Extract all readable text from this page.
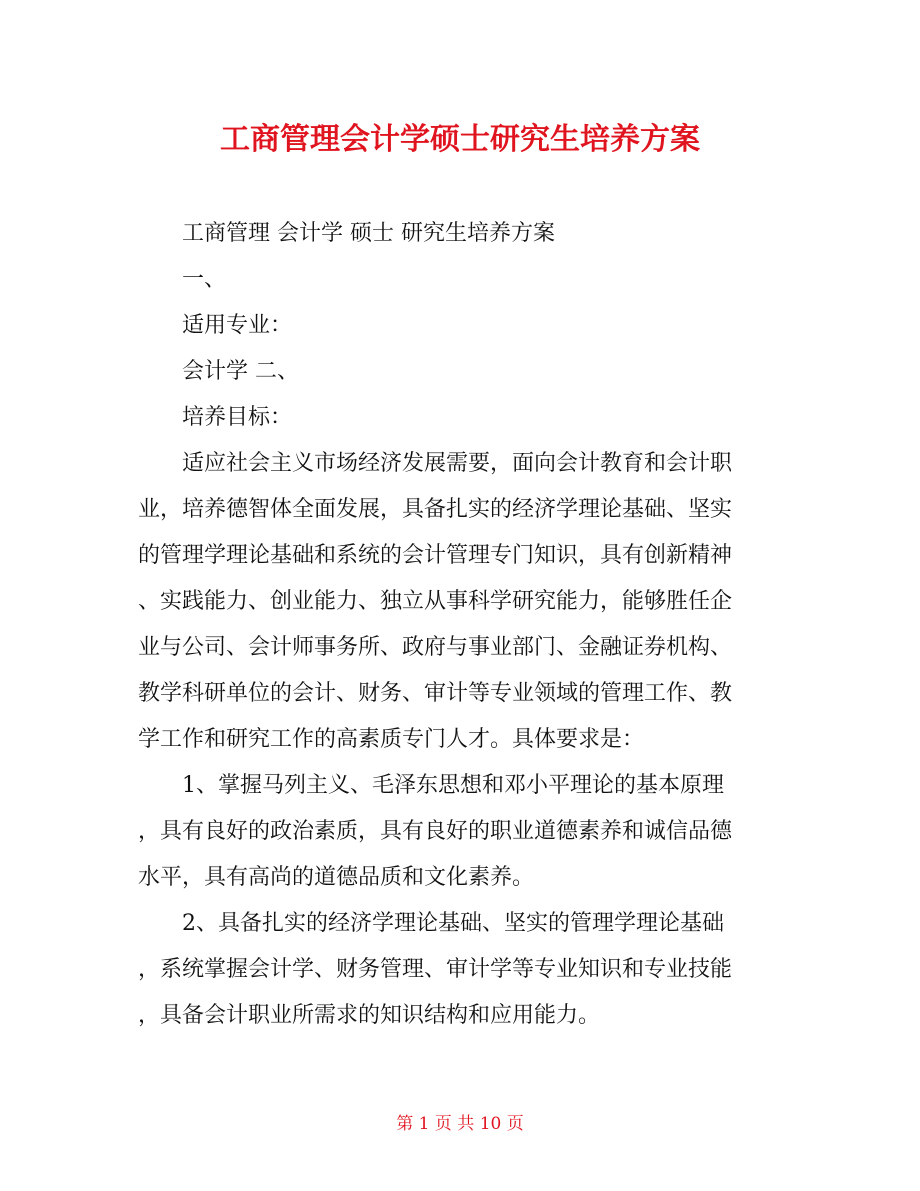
工商管理会计学硕士研究生培养方案
工商管理 会计学 硕士 研究生培养方案
一、
适用专业：
会计学 二、
培养目标：
适应社会主义市场经济发展需要，面向会计教育和会计职
业，培养德智体全面发展，具备扎实的经济学理论基础、坚实
的管理学理论基础和系统的会计管理专门知识，具有创新精神
、实践能力、创业能力、独立从事科学研究能力，能够胜任企
业与公司、会计师事务所、政府与事业部门、金融证券机构、
教学科研单位的会计、财务、审计等专业领域的管理工作、教
学工作和研究工作的高素质专门人才。具体要求是：
1、掌握马列主义、毛泽东思想和邓小平理论的基本原理
，具有良好的政治素质，具有良好的职业道德素养和诚信品德
水平，具有高尚的道德品质和文化素养。
2、具备扎实的经济学理论基础、坚实的管理学理论基础
，系统掌握会计学、财务管理、审计学等专业知识和专业技能
，具备会计职业所需求的知识结构和应用能力。
第 1 页 共 10 页
